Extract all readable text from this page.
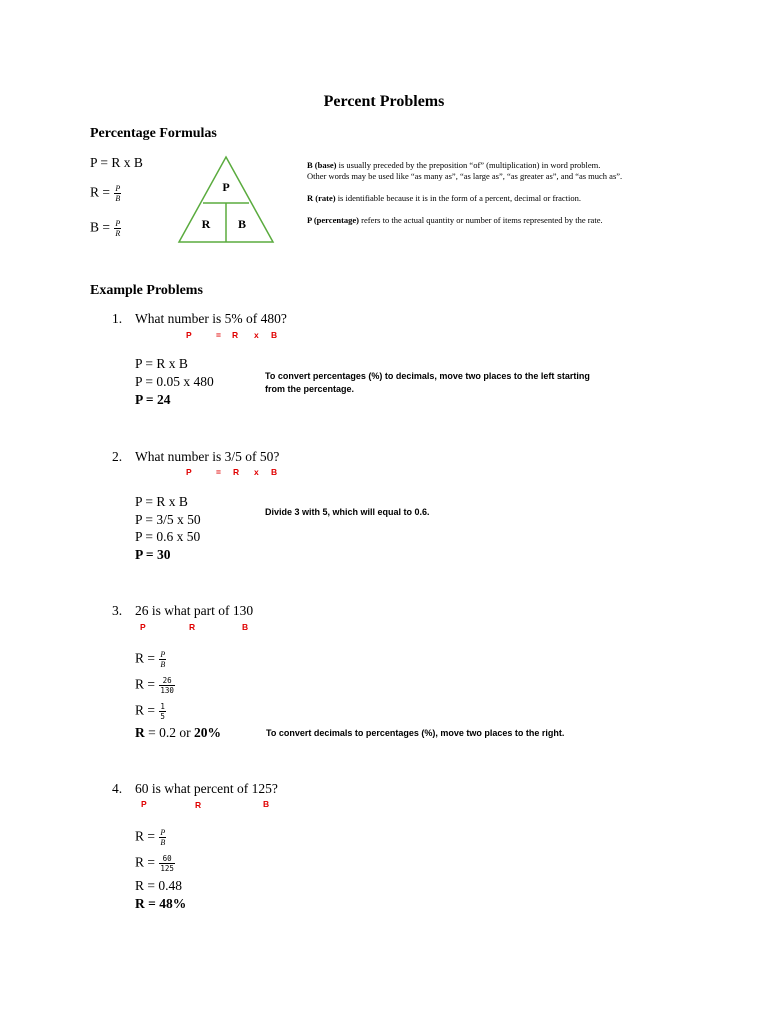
Percent Problems
Percentage Formulas
P = R x B
$R = \frac{P}{B}$
$B = \frac{P}{R}$
P
R B
B (base) is usually preceded by the preposition “of” (multiplication) in word problem.
Other words may be used like “as many as”, “as large as”, “as greater as”, and “as much as”.
R (rate) is identifiable because it is in the form of a percent, decimal or fraction.
P (percentage) refers to the actual quantity or number of items represented by the rate.
Example Problems
1. What number is 5% of 480?
P	= R x B
P = R x B
P = 0.05 x 480
P = 24
To convert percentages (%) to decimals, move two places to the left starting
from the percentage.
2. What number is 3/5 of 50?
P	= R x B
P = R x B
P = 3/5 x 50
P = 0.6 x 50
P = 30
Divide 3 with 5, which will equal to 0.6.
3. 26 is what part of 130
P	R	B
$R = \frac{P}{B}$
$R = \frac{26}{130}$
$R = \frac{1}{5}$
R = 0.2 or 20%	To convert decimals to percentages (%), move two places to the right.
4. 60 is what percent of 125?
P	R	B
$R = \frac{P}{B}$
$R = \frac{60}{125}$
R = 0.48
R = 48%
